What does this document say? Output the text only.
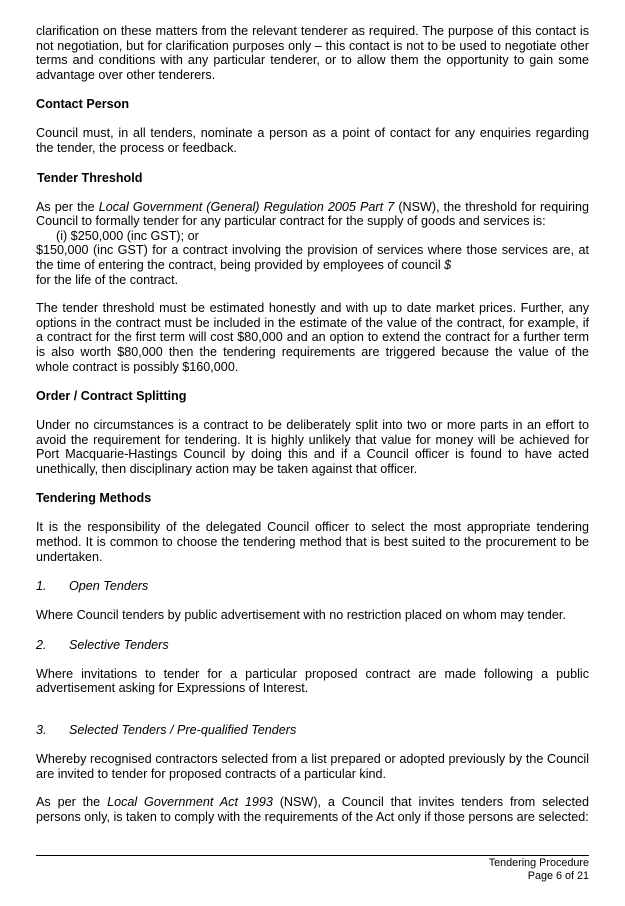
clarification on these matters from the relevant tenderer as required. The purpose of this contact is not negotiation, but for clarification purposes only – this contact is not to be used to negotiate other terms and conditions with any particular tenderer, or to allow them the opportunity to gain some advantage over other tenderers.

Contact Person

Council must, in all tenders, nominate a person as a point of contact for any enquiries regarding the tender, the process or feedback.

Tender Threshold

As per the Local Government (General) Regulation 2005 Part 7 (NSW), the threshold for requiring Council to formally tender for any particular contract for the supply of goods and services is:

(i) $250,000 (inc GST); or

$150,000 (inc GST) for a contract involving the provision of services where those services are, at the time of entering the contract, being provided by employees of council $

for the life of the contract.

The tender threshold must be estimated honestly and with up to date market prices. Further, any options in the contract must be included in the estimate of the value of the contract, for example, if a contract for the first term will cost $80,000 and an option to extend the contract for a further term is also worth $80,000 then the tendering requirements are triggered because the value of the whole contract is possibly $160,000.

Order / Contract Splitting

Under no circumstances is a contract to be deliberately split into two or more parts in an effort to avoid the requirement for tendering. It is highly unlikely that value for money will be achieved for Port Macquarie-Hastings Council by doing this and if a Council officer is found to have acted unethically, then disciplinary action may be taken against that officer.

Tendering Methods

It is the responsibility of the delegated Council officer to select the most appropriate tendering method. It is common to choose the tendering method that is best suited to the procurement to be undertaken.

1. Open Tenders

Where Council tenders by public advertisement with no restriction placed on whom may tender.

2. Selective Tenders

Where invitations to tender for a particular proposed contract are made following a public advertisement asking for Expressions of Interest.

3. Selected Tenders / Pre-qualified Tenders

Whereby recognised contractors selected from a list prepared or adopted previously by the Council are invited to tender for proposed contracts of a particular kind.

As per the Local Government Act 1993 (NSW), a Council that invites tenders from selected persons only, is taken to comply with the requirements of the Act only if those persons are selected:

Tendering Procedure
Page 6 of 21
